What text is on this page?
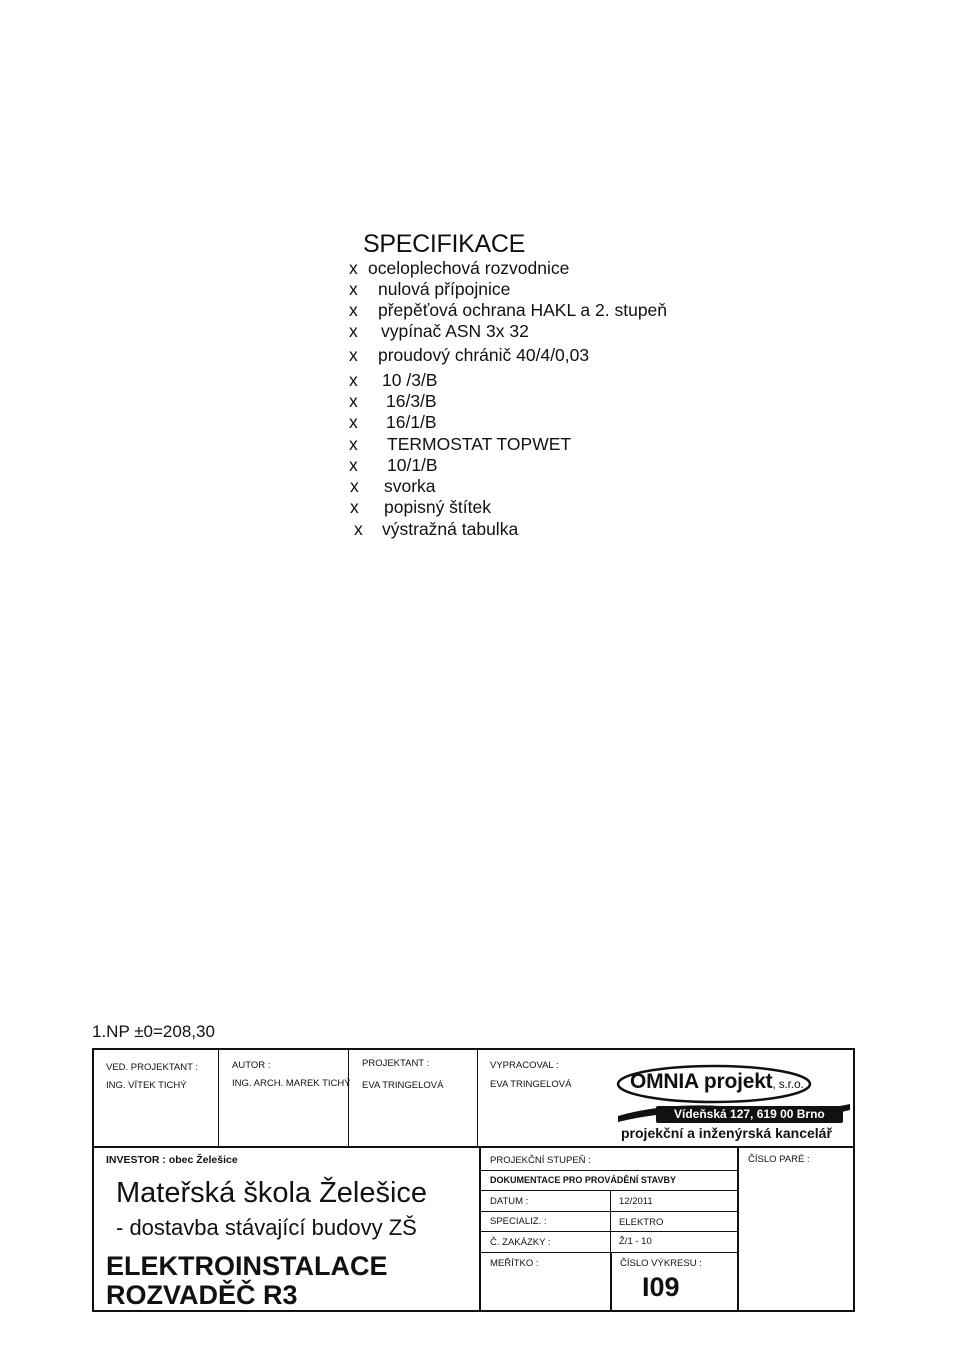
SPECIFIKACE
x oceloplechová rozvodnice
x nulová přípojnice
x přepěťová ochrana HAKL a 2. stupeň
x vypínač ASN 3x 32
x proudový chránič 40/4/0,03
x 10 /3/B
x 16/3/B
x 16/1/B
x TERMOSTAT TOPWET
x 10/1/B
x svorka
x popisný štítek
x výstražná tabulka
1.NP ±0=208,30
VED. PROJEKTANT :
ING. VÍTEK TICHÝ
AUTOR :
ING. ARCH. MAREK TICHÝ
PROJEKTANT :
EVA TRINGELOVÁ
VYPRACOVAL :
EVA TRINGELOVÁ	OMNIA projekt, s.r.o.
Vídeňská 127, 619 00 Brno
projekční a inženýrská kancelář
INVESTOR : obec Želešice
Mateřská škola Želešice
- dostavba stávající budovy ZŠ
ELEKTROINSTALACE
ROZVADĚČ R3
PROJEKČNÍ STUPEŇ :
DOKUMENTACE PRO PROVÁDĚNÍ STAVBY
DATUM :	12/2011
SPECIALIZ. :	ELEKTRO
Č. ZAKÁZKY :	Ž/1 - 10
MEŘÍTKO :	ČÍSLO VÝKRESU :
I09
ČÍSLO PARÉ :
